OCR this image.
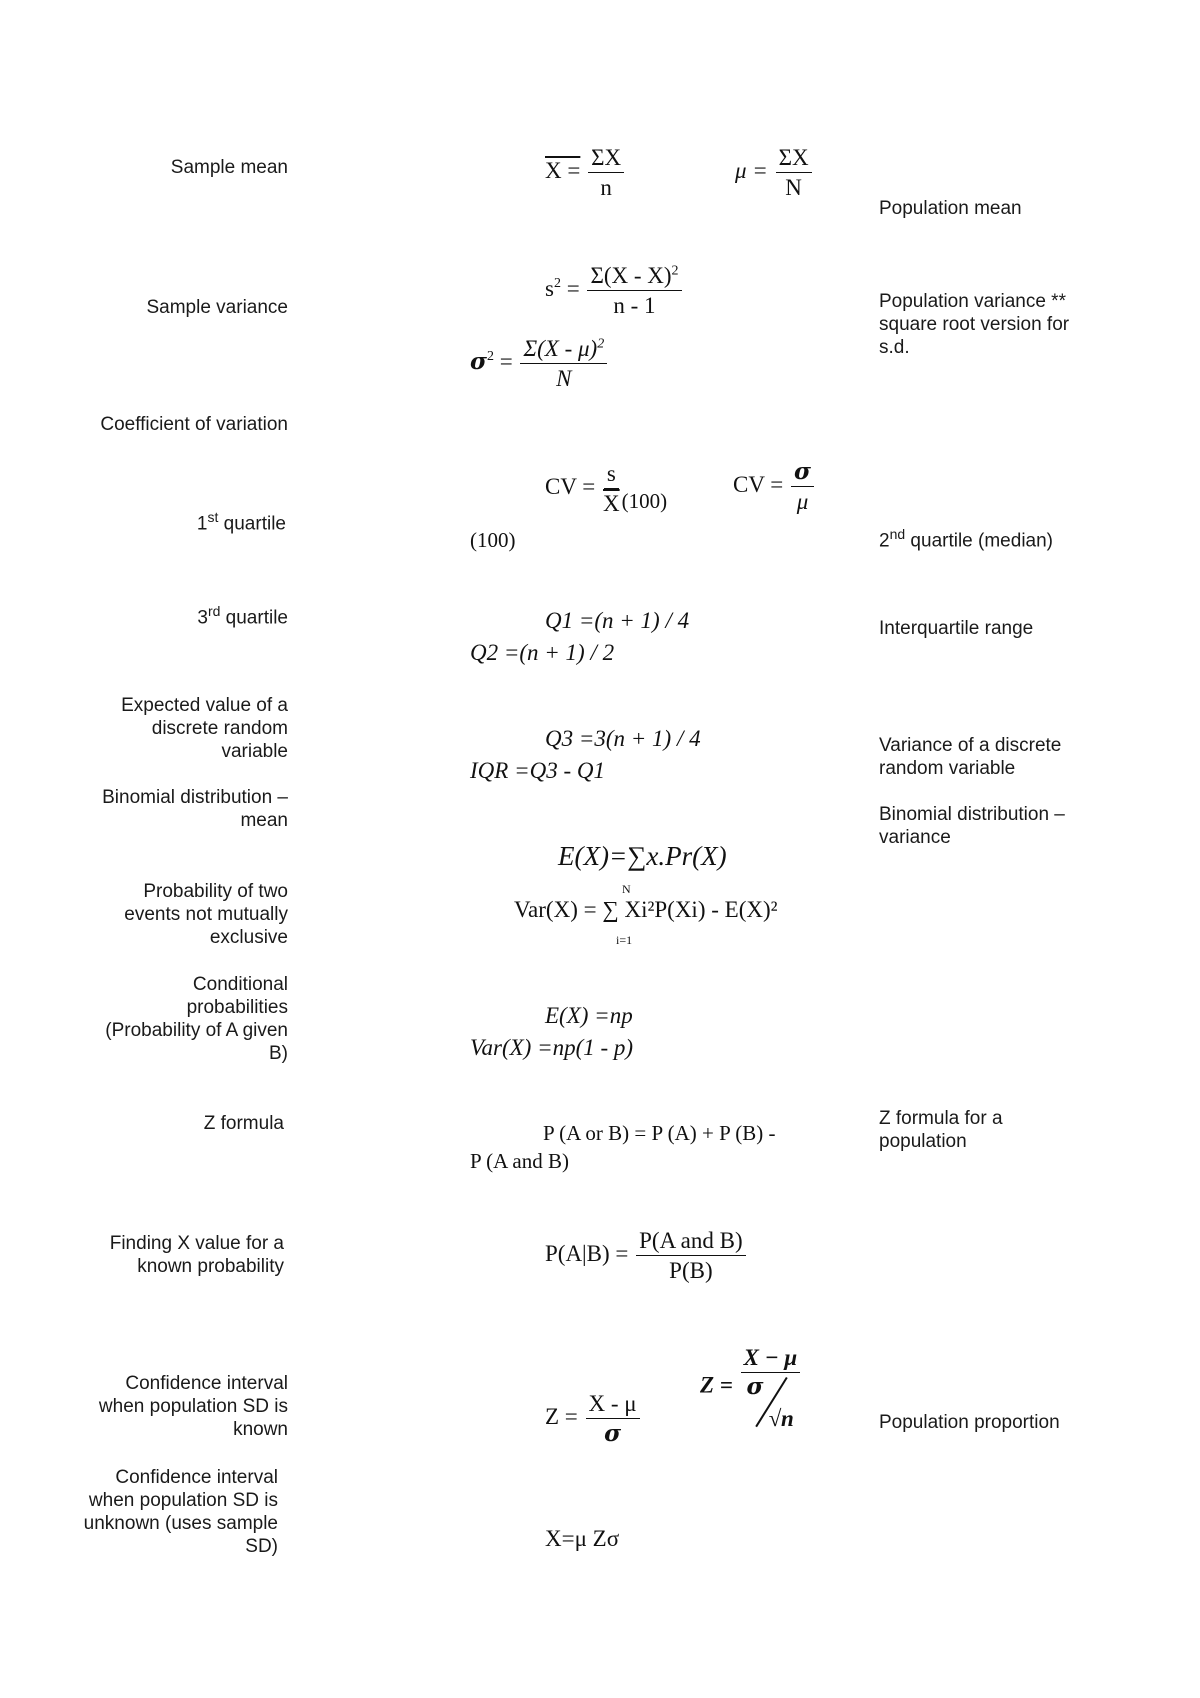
Sample mean
Sample variance
Coefficient of variation
1st quartile
3rd quartile
Expected value of a
discrete random
variable
Binomial distribution –
mean
Probability of two
events not mutually
exclusive
Conditional
probabilities
(Probability of A given
B)
Z formula
Finding X value for a
known probability
Confidence interval
when population SD is
known
Confidence interval
when population SD is
unknown (uses sample
SD)
Population mean
Population variance **
square root version for
s.d.
2nd quartile (median)
Interquartile range
Variance of a discrete
random variable
Binomial distribution –
variance
Z formula for a
population
Population proportion
$X = \frac{\Sigma X}{n}$	$\mu = \frac{\Sigma X}{N}$
$s^2 = \frac{\Sigma(X - X)^2}{n - 1}$
$\sigma^2 = \frac{\Sigma(X - \mu)^2}{N}$
CV = $\frac{s}{X} (100)$
CV = $\frac{\sigma}{\mu}$
(100)
Q1 =(n + 1) / 4
Q2 =(n + 1) / 2
Q3 =3(n + 1) / 4
IQR =Q3 - Q1
E(X)=∑x.Pr(X)
Var(X) = ∑ Xi²P(Xi) - E(X)²
N
i=1
E(X) =np
Var(X) =np(1 - p)
P (A or B) = P (A) + P (B) -
P (A and B)
$P(A|B) = \frac{\text{P(A and B)}}{P(B)}$
$Z = \frac{X - \mu}{\sigma}$
Z = X − μ
σ
√n
X=μ Zσ
